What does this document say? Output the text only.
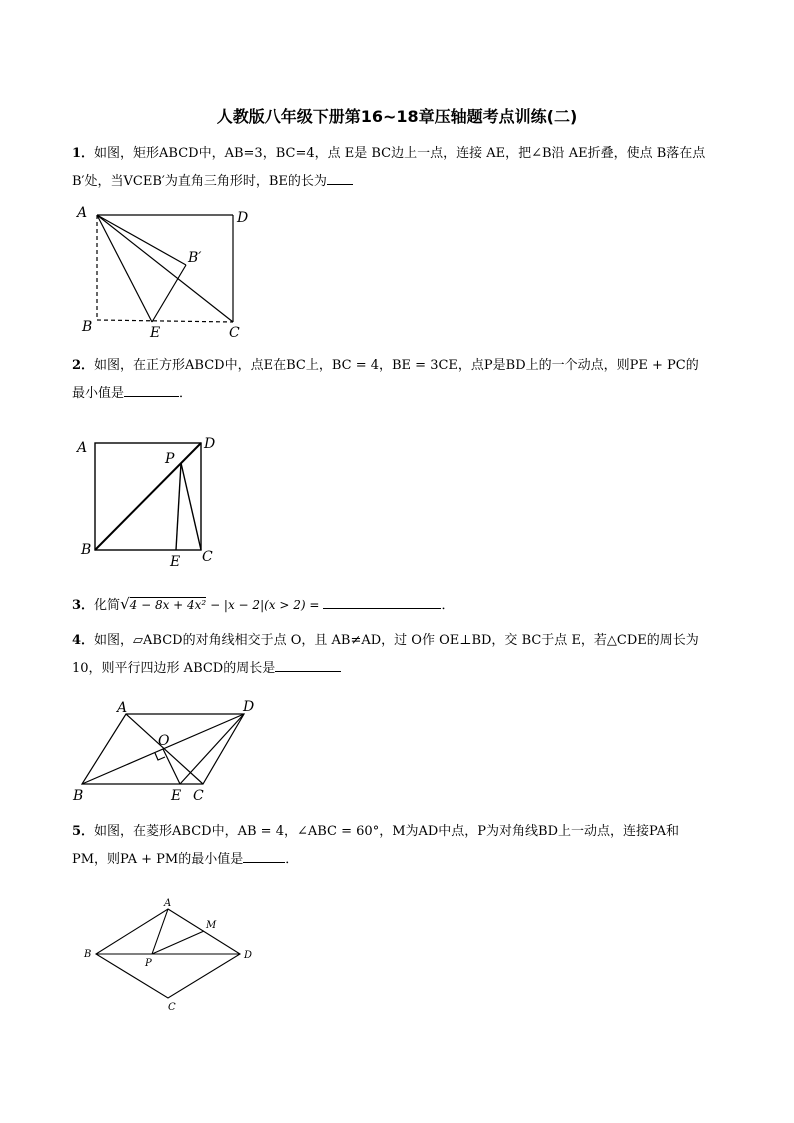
人教版八年级下册第16~18章压轴题考点训练(二)
1．如图，矩形ABCD中，AB=3，BC=4，点 E是 BC边上一点，连接 AE，把∠B沿 AE折叠，使点 B落在点
B′处，当VCEB′为直角三角形时，BE的长为
A	D
B′
B	E	C
2．如图，在正方形ABCD中，点E在BC上，BC = 4，BE = 3CE，点P是BD上的一个动点，则PE + PC的
最小值是	．
A	D
P
B	C
E
3．化简√4 − 8x + 4x² − |x − 2|(x > 2) =	．
4．如图，▱ABCD的对角线相交于点 O，且 AB≠AD，过 O作 OE⊥BD，交 BC于点 E，若△CDE的周长为
10，则平行四边形 ABCD的周长是
A	D
O
B	E C
5．如图，在菱形ABCD中，AB = 4，∠ABC = 60°，M为AD中点，P为对角线BD上一动点，连接PA和
PM，则PA + PM的最小值是	．
A
M
B
P
D
C
